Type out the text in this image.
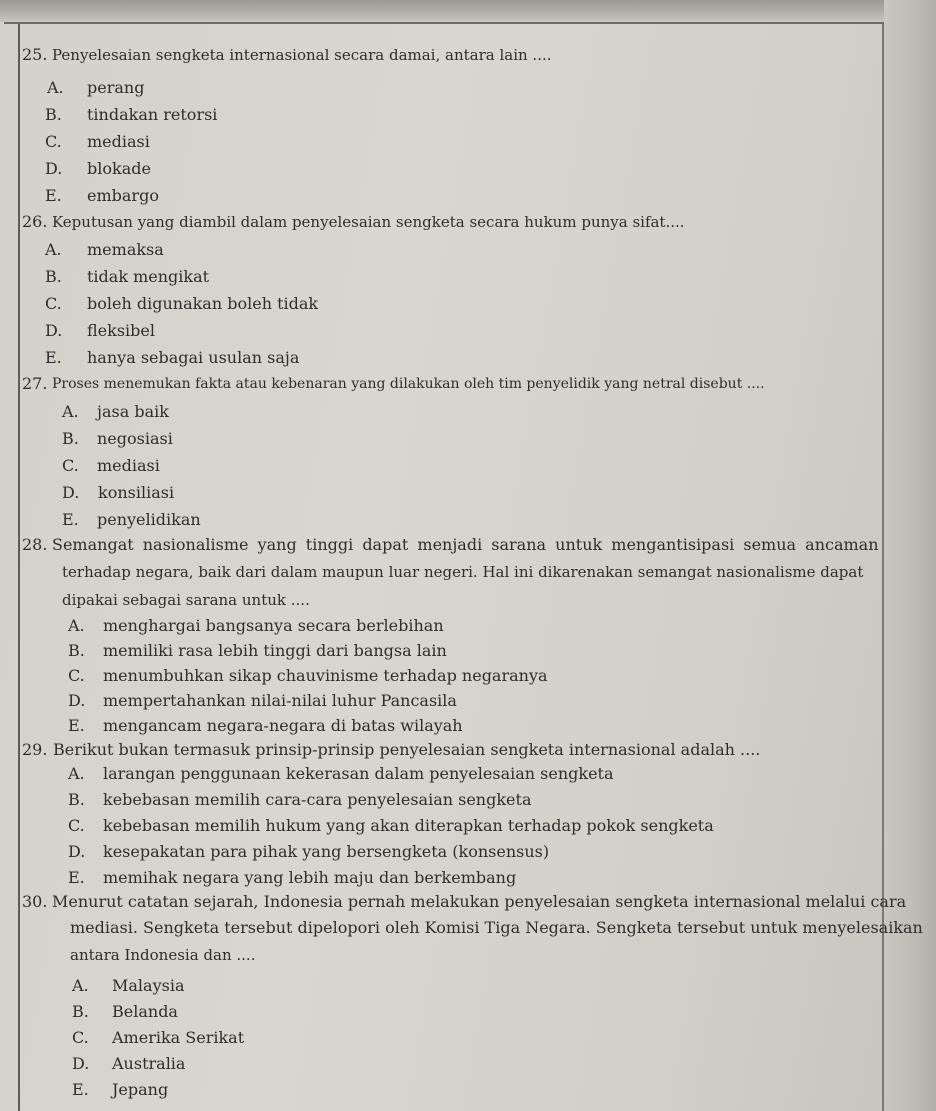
25. Penyelesaian sengketa internasional secara damai, antara lain ....
A. perang
B. tindakan retorsi
C. mediasi
D. blokade
E. embargo
26. Keputusan yang diambil dalam penyelesaian sengketa secara hukum punya sifat....
A. memaksa
B. tidak mengikat
C. boleh digunakan boleh tidak
D. fleksibel
E. hanya sebagai usulan saja
27. Proses menemukan fakta atau kebenaran yang dilakukan oleh tim penyelidik yang netral disebut ....
A. jasa baik
B. negosiasi
C. mediasi
D. konsiliasi
E. penyelidikan
28. Semangat nasionalisme yang tinggi dapat menjadi sarana untuk mengantisipasi semua ancaman
terhadap negara, baik dari dalam maupun luar negeri. Hal ini dikarenakan semangat nasionalisme dapat
dipakai sebagai sarana untuk ....
A. menghargai bangsanya secara berlebihan
B. memiliki rasa lebih tinggi dari bangsa lain
C. menumbuhkan sikap chauvinisme terhadap negaranya
D. mempertahankan nilai-nilai luhur Pancasila
E. mengancam negara-negara di batas wilayah
29. Berikut bukan termasuk prinsip-prinsip penyelesaian sengketa internasional adalah ....
A. larangan penggunaan kekerasan dalam penyelesaian sengketa
B. kebebasan memilih cara-cara penyelesaian sengketa
C. kebebasan memilih hukum yang akan diterapkan terhadap pokok sengketa
D. kesepakatan para pihak yang bersengketa (konsensus)
E. memihak negara yang lebih maju dan berkembang
30. Menurut catatan sejarah, Indonesia pernah melakukan penyelesaian sengketa internasional melalui cara
mediasi. Sengketa tersebut dipelopori oleh Komisi Tiga Negara. Sengketa tersebut untuk menyelesaikan
antara Indonesia dan ....
A. Malaysia
B. Belanda
C. Amerika Serikat
D. Australia
E. Jepang
